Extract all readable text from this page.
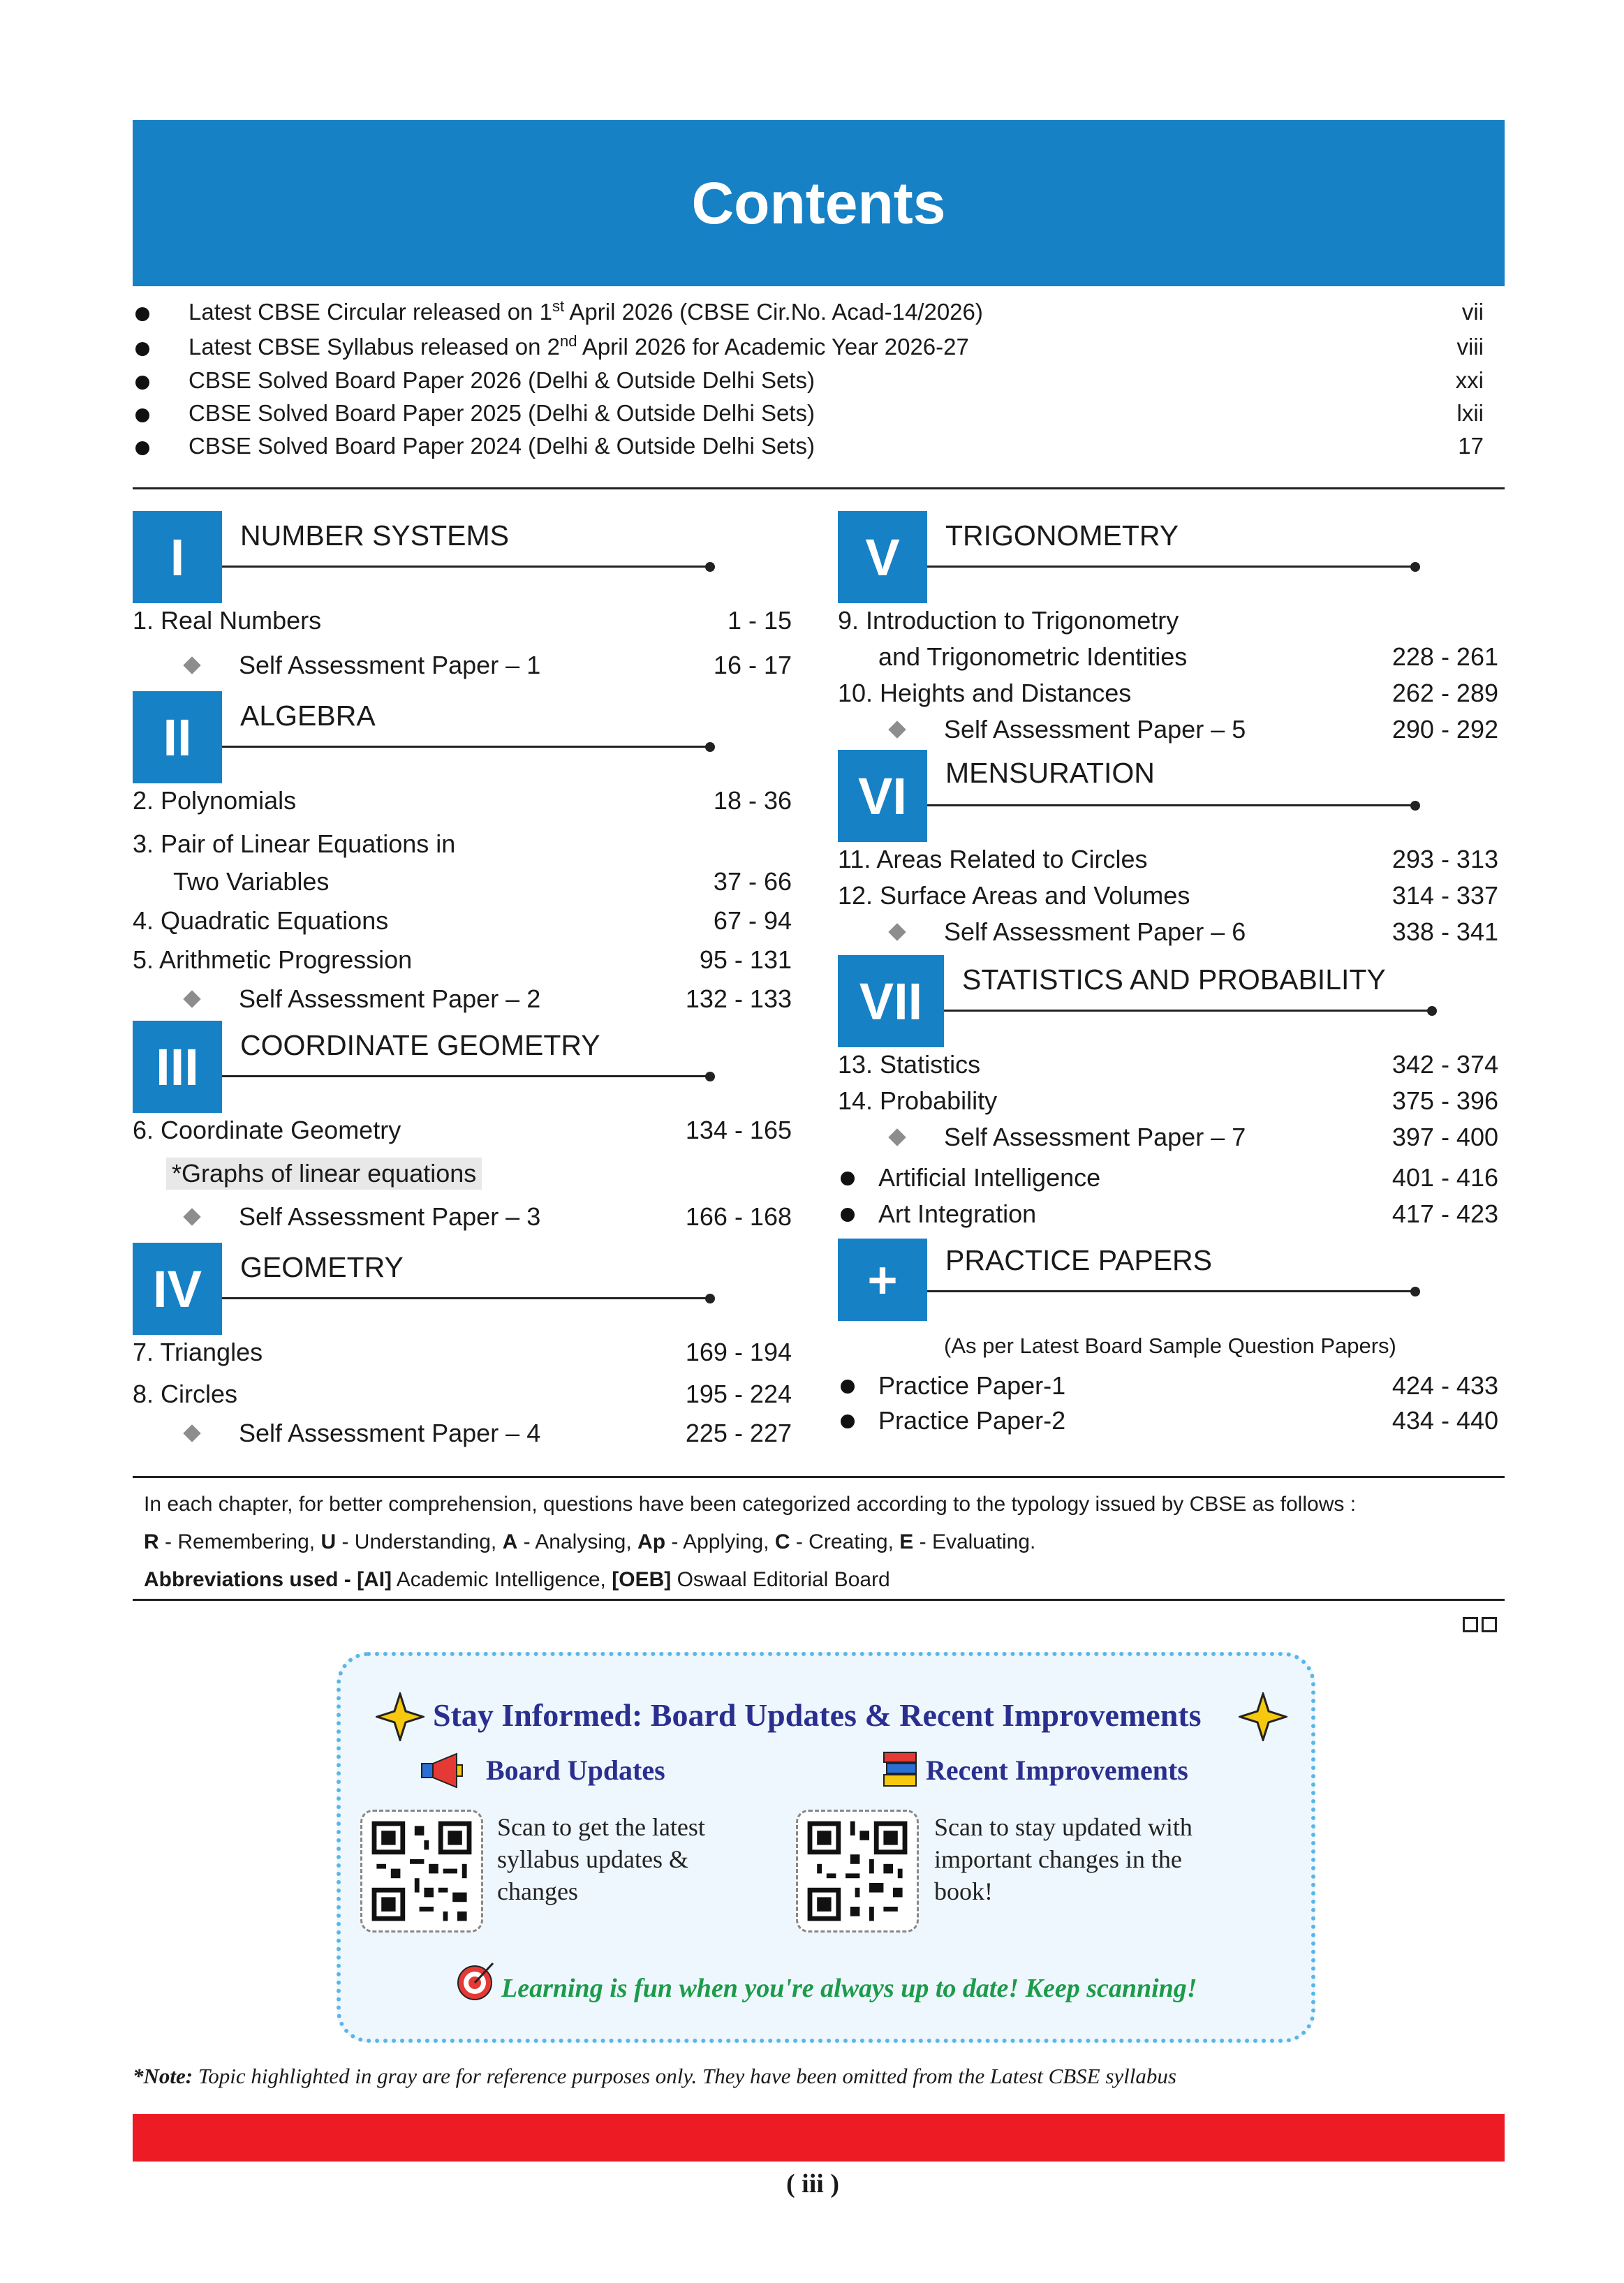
Contents
Latest CBSE Circular released on 1st April 2026 (CBSE Cir.No. Acad-14/2026)	vii
Latest CBSE Syllabus released on 2nd April 2026 for Academic Year 2026-27	viii
CBSE Solved Board Paper 2026 (Delhi & Outside Delhi Sets)	xxi
CBSE Solved Board Paper 2025 (Delhi & Outside Delhi Sets)	lxii
CBSE Solved Board Paper 2024 (Delhi & Outside Delhi Sets)	17
I	NUMBER SYSTEMS
1. Real Numbers	1 - 15
Self Assessment Paper – 1	16 - 17
II	ALGEBRA
2. Polynomials	18 - 36
3. Pair of Linear Equations in
Two Variables	37 - 66
4. Quadratic Equations	67 - 94
5. Arithmetic Progression	95 - 131
Self Assessment Paper – 2	132 - 133
III	COORDINATE GEOMETRY
6. Coordinate Geometry	134 - 165
*Graphs of linear equations
Self Assessment Paper – 3	166 - 168
IV	GEOMETRY
7. Triangles	169 - 194
8. Circles	195 - 224
Self Assessment Paper – 4	225 - 227
V	TRIGONOMETRY
9. Introduction to Trigonometry
and Trigonometric Identities	228 - 261
10. Heights and Distances	262 - 289
Self Assessment Paper – 5	290 - 292
VI	MENSURATION
11. Areas Related to Circles	293 - 313
12. Surface Areas and Volumes	314 - 337
Self Assessment Paper – 6	338 - 341
VII	STATISTICS AND PROBABILITY
13. Statistics	342 - 374
14. Probability	375 - 396
Self Assessment Paper – 7	397 - 400
Artificial Intelligence	401 - 416
Art Integration	417 - 423
+	PRACTICE PAPERS
(As per Latest Board Sample Question Papers)
Practice Paper-1	424 - 433
Practice Paper-2	434 - 440
In each chapter, for better comprehension, questions have been categorized according to the typology issued by CBSE as follows :
R - Remembering, U - Understanding, A - Analysing, Ap - Applying, C - Creating, E - Evaluating.
Abbreviations used - [AI] Academic Intelligence, [OEB] Oswaal Editorial Board
Stay Informed: Board Updates & Recent Improvements
Board Updates	Recent Improvements
Scan to get the latest syllabus updates & changes
Scan to stay updated with important changes in the book!
Learning is fun when you're always up to date! Keep scanning!
*Note: Topic highlighted in gray are for reference purposes only. They have been omitted from the Latest CBSE syllabus
( iii )
